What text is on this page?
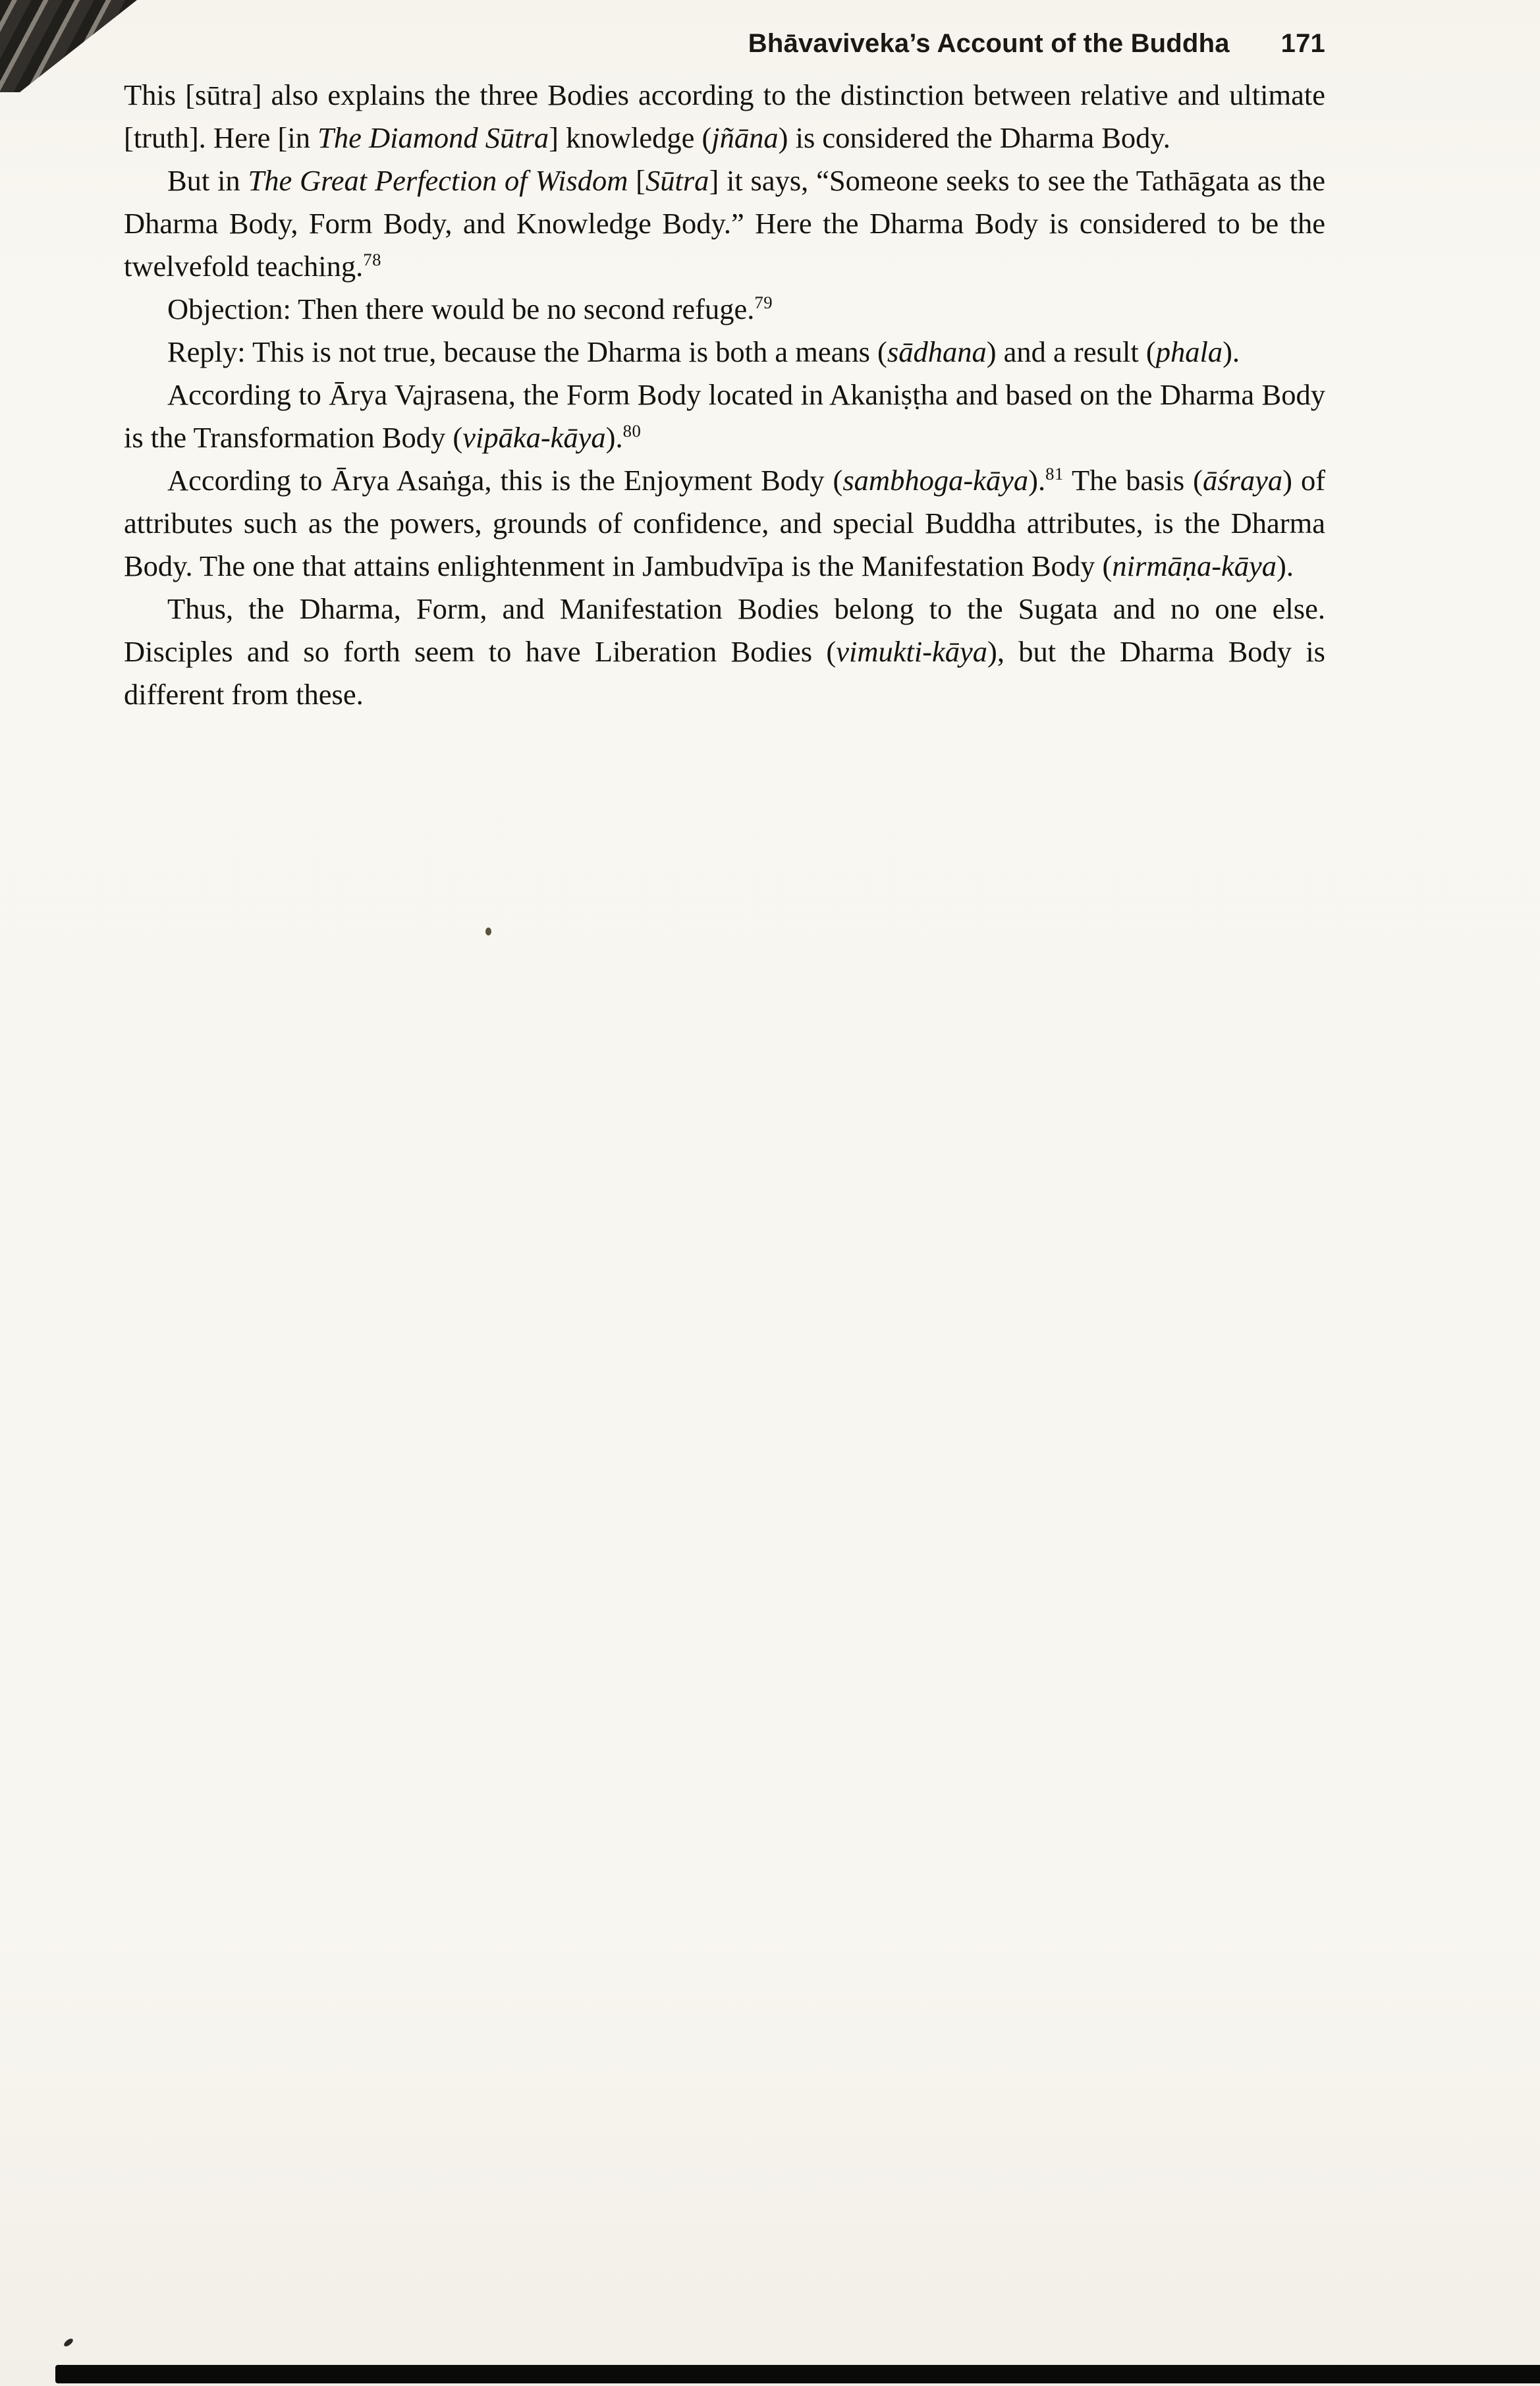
Bhāvaviveka’s Account of the Buddha 171

This [sūtra] also explains the three Bodies according to the distinction between relative and ultimate [truth]. Here [in The Diamond Sūtra] knowledge (jñāna) is considered the Dharma Body.

But in The Great Perfection of Wisdom [Sūtra] it says, “Someone seeks to see the Tathāgata as the Dharma Body, Form Body, and Knowledge Body.” Here the Dharma Body is considered to be the twelvefold teaching.$^{78}$

Objection: Then there would be no second refuge.$^{79}$

Reply: This is not true, because the Dharma is both a means (sādhana) and a result (phala).

According to Ārya Vajrasena, the Form Body located in Akaniṣṭha and based on the Dharma Body is the Transformation Body (vipāka-kāya).$^{80}$

According to Ārya Asaṅga, this is the Enjoyment Body (sambhoga-kāya).$^{81}$ The basis (āśraya) of attributes such as the powers, grounds of confidence, and special Buddha attributes, is the Dharma Body. The one that attains enlightenment in Jambudvīpa is the Manifestation Body (nirmāṇa-kāya).

Thus, the Dharma, Form, and Manifestation Bodies belong to the Sugata and no one else. Disciples and so forth seem to have Liberation Bodies (vimukti-kāya), but the Dharma Body is different from these.
